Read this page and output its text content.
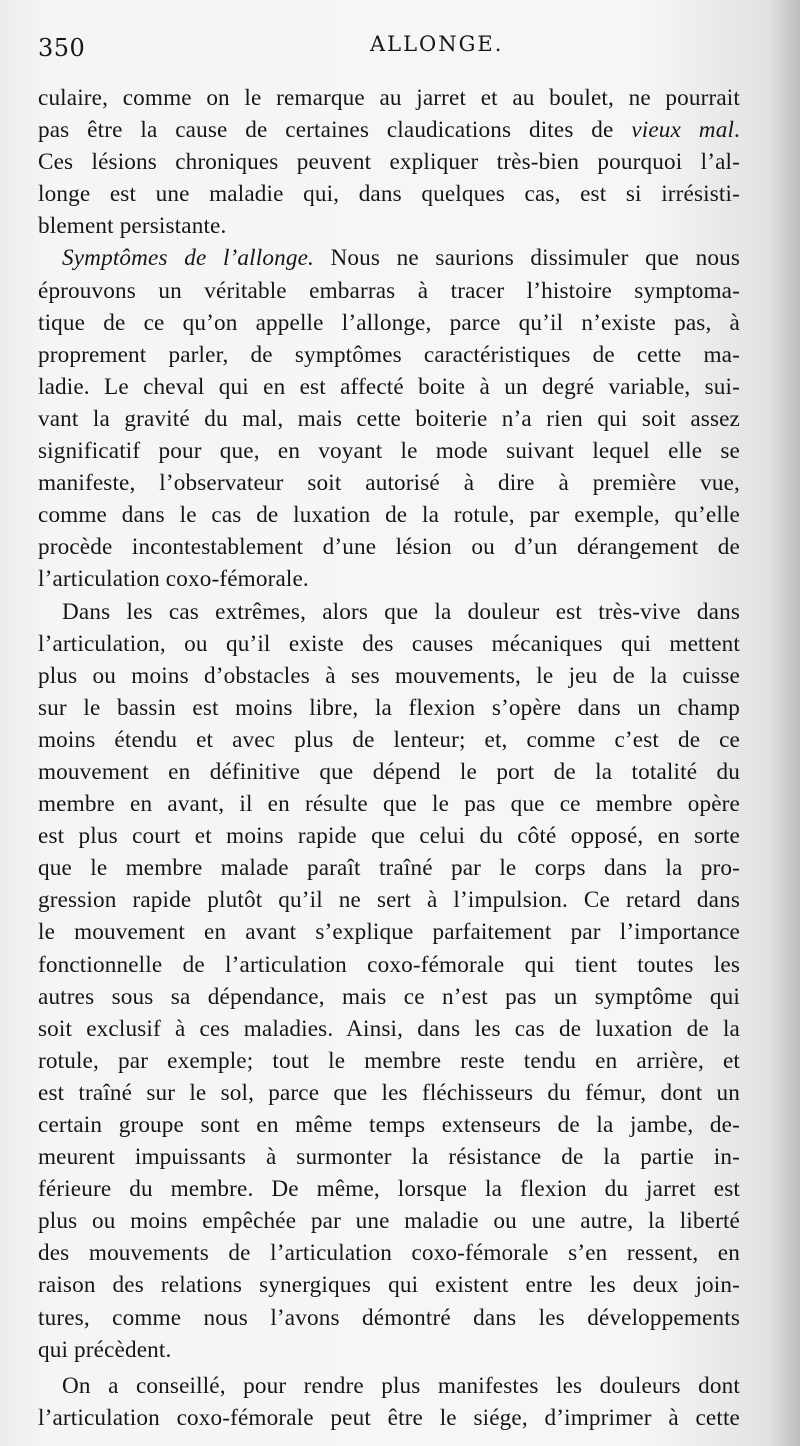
350	ALLONGE.
culaire, comme on le remarque au jarret et au boulet, ne pourrait
pas être la cause de certaines claudications dites de vieux mal.
Ces lésions chroniques peuvent expliquer très-bien pourquoi l’al-
longe est une maladie qui, dans quelques cas, est si irrésisti-
blement persistante.
Symptômes de l’allonge. Nous ne saurions dissimuler que nous
éprouvons un véritable embarras à tracer l’histoire symptoma-
tique de ce qu’on appelle l’allonge, parce qu’il n’existe pas, à
proprement parler, de symptômes caractéristiques de cette ma-
ladie. Le cheval qui en est affecté boite à un degré variable, sui-
vant la gravité du mal, mais cette boiterie n’a rien qui soit assez
significatif pour que, en voyant le mode suivant lequel elle se
manifeste, l’observateur soit autorisé à dire à première vue,
comme dans le cas de luxation de la rotule, par exemple, qu’elle
procède incontestablement d’une lésion ou d’un dérangement de
l’articulation coxo-fémorale.
Dans les cas extrêmes, alors que la douleur est très-vive dans
l’articulation, ou qu’il existe des causes mécaniques qui mettent
plus ou moins d’obstacles à ses mouvements, le jeu de la cuisse
sur le bassin est moins libre, la flexion s’opère dans un champ
moins étendu et avec plus de lenteur; et, comme c’est de ce
mouvement en définitive que dépend le port de la totalité du
membre en avant, il en résulte que le pas que ce membre opère
est plus court et moins rapide que celui du côté opposé, en sorte
que le membre malade paraît traîné par le corps dans la pro-
gression rapide plutôt qu’il ne sert à l’impulsion. Ce retard dans
le mouvement en avant s’explique parfaitement par l’importance
fonctionnelle de l’articulation coxo-fémorale qui tient toutes les
autres sous sa dépendance, mais ce n’est pas un symptôme qui
soit exclusif à ces maladies. Ainsi, dans les cas de luxation de la
rotule, par exemple; tout le membre reste tendu en arrière, et
est traîné sur le sol, parce que les fléchisseurs du fémur, dont un
certain groupe sont en même temps extenseurs de la jambe, de-
meurent impuissants à surmonter la résistance de la partie in-
férieure du membre. De même, lorsque la flexion du jarret est
plus ou moins empêchée par une maladie ou une autre, la liberté
des mouvements de l’articulation coxo-fémorale s’en ressent, en
raison des relations synergiques qui existent entre les deux join-
tures, comme nous l’avons démontré dans les développements
qui précèdent.
On a conseillé, pour rendre plus manifestes les douleurs dont
l’articulation coxo-fémorale peut être le siége, d’imprimer à cette
